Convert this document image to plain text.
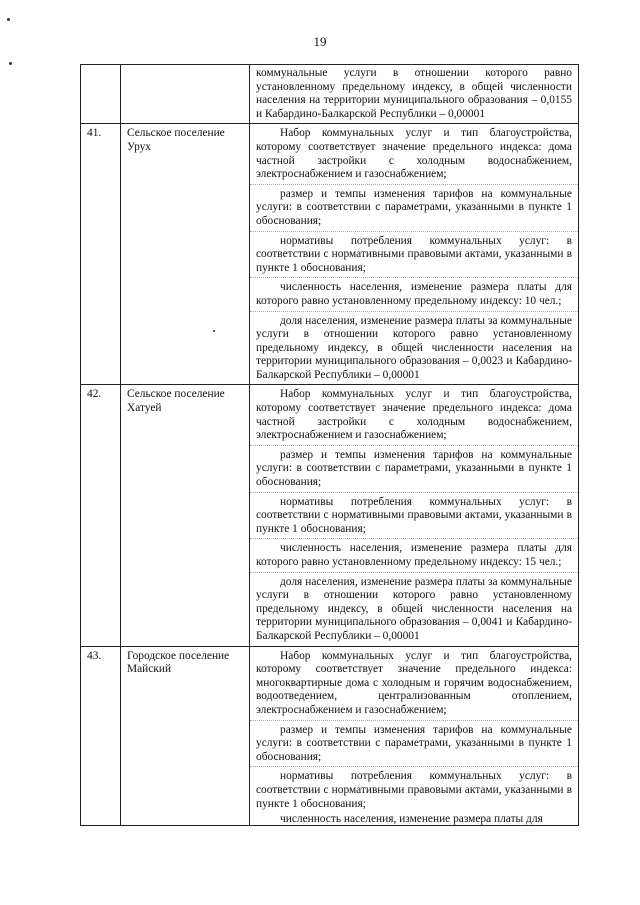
19

		коммунальные услуги в отношении которого равно установленному предельному индексу, в общей численности населения на территории муниципального образования – 0,0155 и Кабардино-Балкарской Республики – 0,00001

41.	Сельское поселение Урух	Набор коммунальных услуг и тип благоустройства, которому соответствует значение предельного индекса: дома частной застройки с холодным водоснабжением, электроснабжением и газоснабжением;
размер и темпы изменения тарифов на коммунальные услуги: в соответствии с параметрами, указанными в пункте 1 обоснования;
нормативы потребления коммунальных услуг: в соответствии с нормативными правовыми актами, указанными в пункте 1 обоснования;
численность населения, изменение размера платы для которого равно установленному предельному индексу: 10 чел.;
доля населения, изменение размера платы за коммунальные услуги в отношении которого равно установленному предельному индексу, в общей численности населения на территории муниципального образования – 0,0023 и Кабардино-Балкарской Республики – 0,00001

42.	Сельское поселение Хатуей	Набор коммунальных услуг и тип благоустройства, которому соответствует значение предельного индекса: дома частной застройки с холодным водоснабжением, электроснабжением и газоснабжением;
размер и темпы изменения тарифов на коммунальные услуги: в соответствии с параметрами, указанными в пункте 1 обоснования;
нормативы потребления коммунальных услуг: в соответствии с нормативными правовыми актами, указанными в пункте 1 обоснования;
численность населения, изменение размера платы для которого равно установленному предельному индексу: 15 чел.;
доля населения, изменение размера платы за коммунальные услуги в отношении которого равно установленному предельному индексу, в общей численности населения на территории муниципального образования – 0,0041 и Кабардино-Балкарской Республики – 0,00001

43.	Городское поселение Майский	Набор коммунальных услуг и тип благоустройства, которому соответствует значение предельного индекса: многоквартирные дома с холодным и горячим водоснабжением, водоотведением, централизованным отоплением, электроснабжением и газоснабжением;
размер и темпы изменения тарифов на коммунальные услуги: в соответствии с параметрами, указанными в пункте 1 обоснования;
нормативы потребления коммунальных услуг: в соответствии с нормативными правовыми актами, указанными в пункте 1 обоснования;
численность населения, изменение размера платы для
